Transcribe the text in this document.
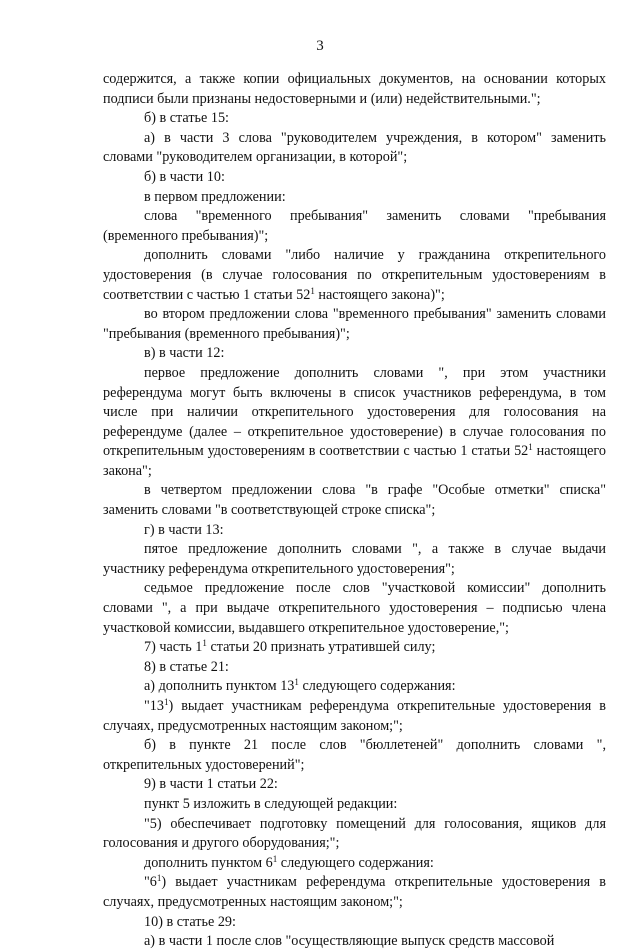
3

содержится, а также копии официальных документов, на основании которых подписи были признаны недостоверными и (или) недействительными.";

б) в статье 15:

а) в части 3 слова "руководителем учреждения, в котором" заменить словами "руководителем организации, в которой";

б) в части 10:

в первом предложении:

слова "временного пребывания" заменить словами "пребывания (временного пребывания)";

дополнить словами "либо наличие у гражданина открепительного удостоверения (в случае голосования по открепительным удостоверениям в соответствии с частью 1 статьи $52^1$ настоящего закона)";

во втором предложении слова "временного пребывания" заменить словами "пребывания (временного пребывания)";

в) в части 12:

первое предложение дополнить словами ", при этом участники референдума могут быть включены в список участников референдума, в том числе при наличии открепительного удостоверения для голосования на референдуме (далее – открепительное удостоверение) в случае голосования по открепительным удостоверениям в соответствии с частью 1 статьи $52^1$ настоящего закона";

в четвертом предложении слова "в графе "Особые отметки" списка" заменить словами "в соответствующей строке списка";

г) в части 13:

пятое предложение дополнить словами ", а также в случае выдачи участнику референдума открепительного удостоверения";

седьмое предложение после слов "участковой комиссии" дополнить словами ", а при выдаче открепительного удостоверения – подписью члена участковой комиссии, выдавшего открепительное удостоверение,";

7) часть $1^1$ статьи 20 признать утратившей силу;

8) в статье 21:

а) дополнить пунктом $13^1$ следующего содержания:

"$13^1$) выдает участникам референдума открепительные удостоверения в случаях, предусмотренных настоящим законом;";

б) в пункте 21 после слов "бюллетеней" дополнить словами ", открепительных удостоверений";

9) в части 1 статьи 22:

пункт 5 изложить в следующей редакции:

"5) обеспечивает подготовку помещений для голосования, ящиков для голосования и другого оборудования;";

дополнить пунктом $6^1$ следующего содержания:

"$6^1$) выдает участникам референдума открепительные удостоверения в случаях, предусмотренных настоящим законом;";

10) в статье 29:

а) в части 1 после слов "осуществляющие выпуск средств массовой
